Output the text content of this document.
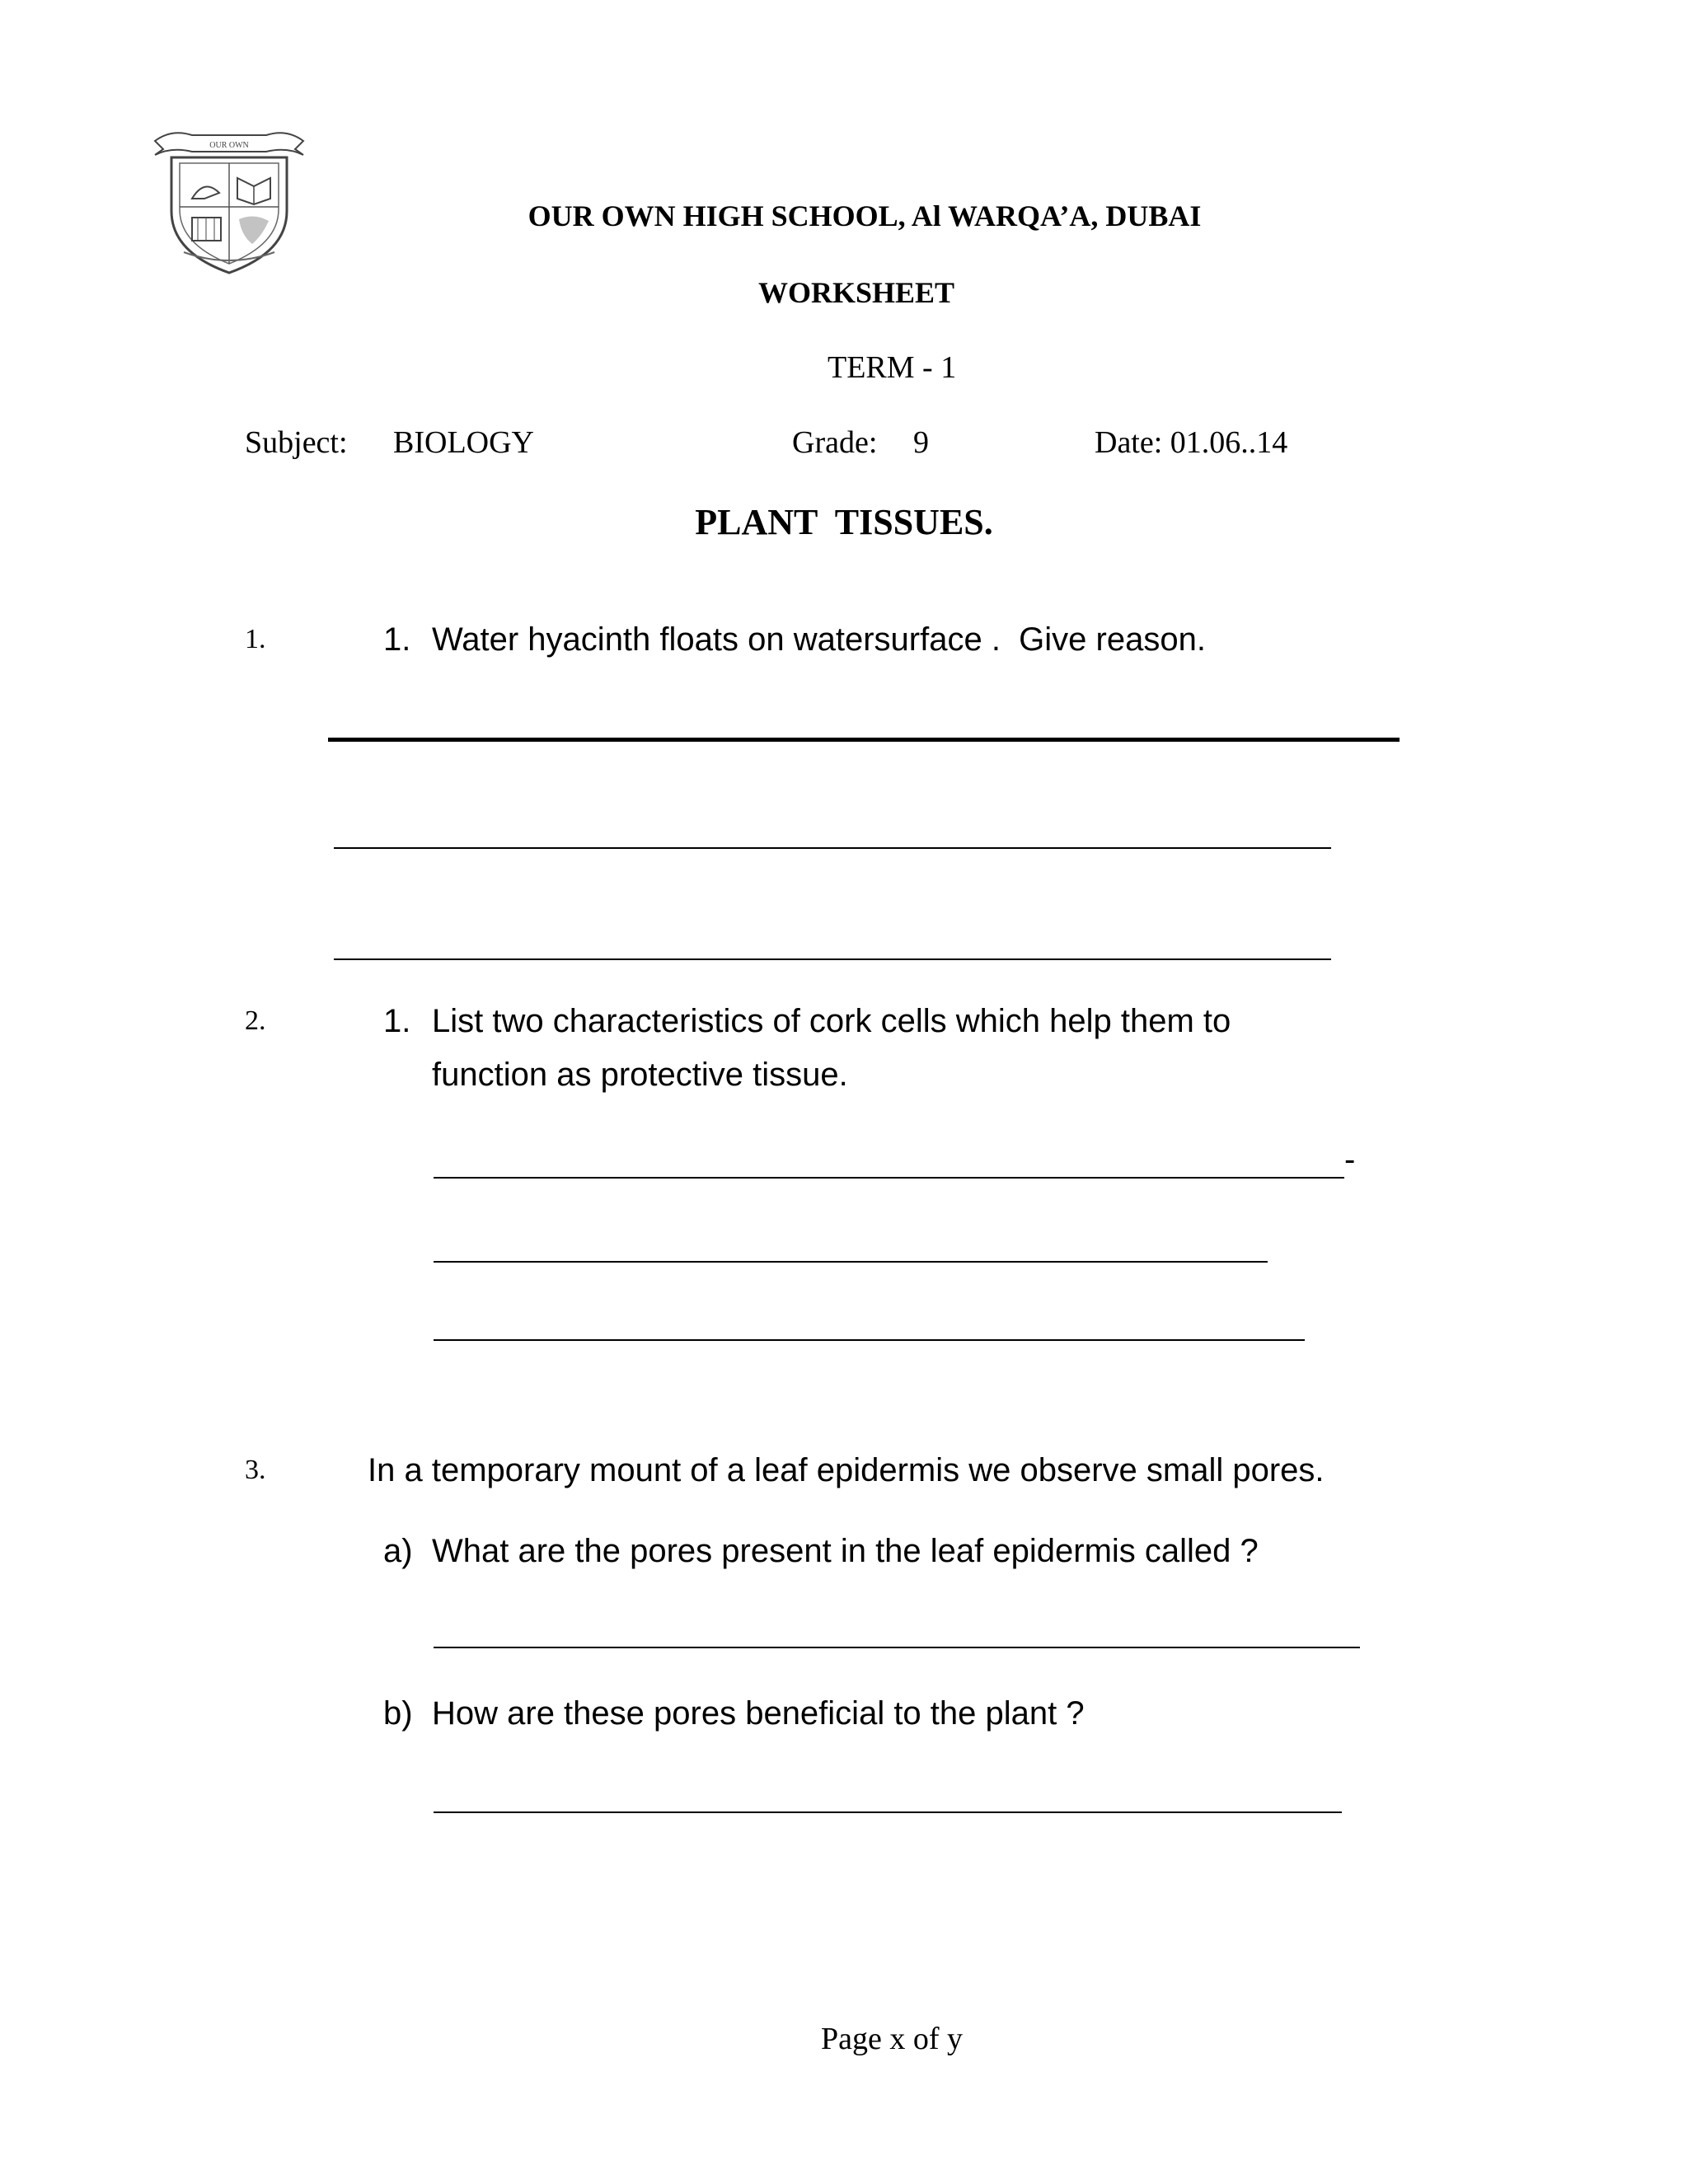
OUR OWN
OUR OWN HIGH SCHOOL, Al WARQA’A, DUBAI
WORKSHEET
TERM - 1
Subject: BIOLOGY	Grade: 9	Date: 01.06..14
PLANT  TISSUES.
1.	1. Water hyacinth floats on watersurface .  Give reason.
2.	1. List two characteristics of cork cells which help them to
function as protective tissue.
-
3.	In a temporary mount of a leaf epidermis we observe small pores.
a) What are the pores present in the leaf epidermis called ?
b) How are these pores beneficial to the plant ?
Page x of y
